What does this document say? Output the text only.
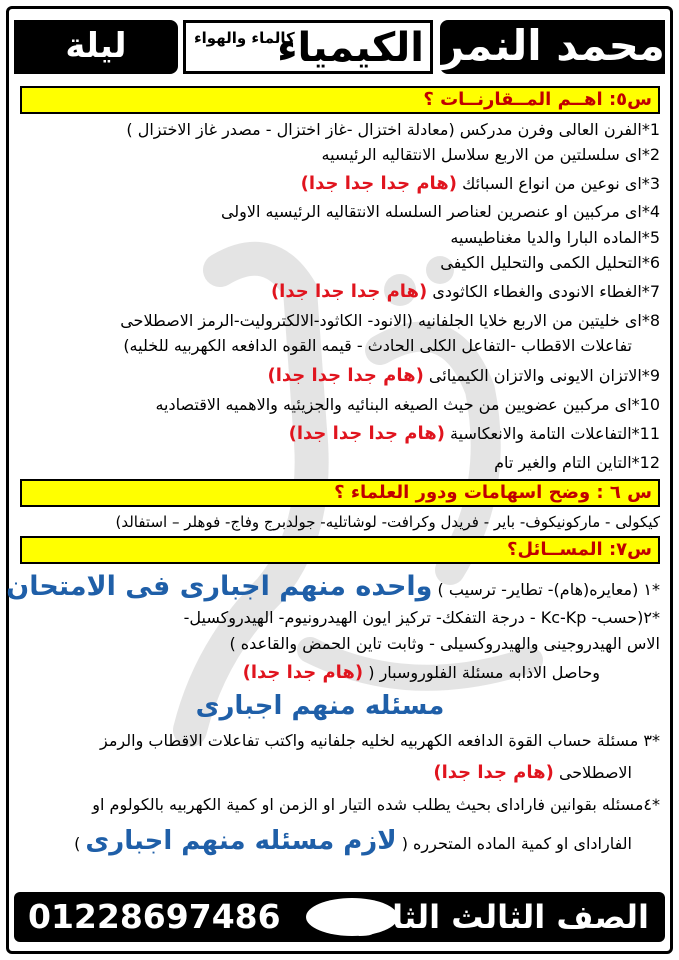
محمد النمر
الكيمياء
كالماء والهواء
ليلة
س٥: اهــم المــقارنــات ؟
1*الفرن العالى وفرن مدركس (معادلة اختزال -غاز اختزال - مصدر غاز الاختزال )
2*اى سلسلتين من الاربع سلاسل الانتقاليه الرئيسيه
3*اى نوعين من انواع السبائك (هام جدا جدا جدا)
4*اى مركبين او عنصرين لعناصر السلسله الانتقاليه الرئيسيه الاولى
5*الماده البارا والديا مغناطيسيه
6*التحليل الكمى والتحليل الكيفى
7*الغطاء الانودى والغطاء الكاثودى (هام جدا جدا جدا)
8*اى خليتين من الاربع خلايا الجلفانيه (الانود- الكاثود-الالكتروليت-الرمز الاصطلاحى
تفاعلات الاقطاب -التفاعل الكلى الحادث - قيمه القوه الدافعه الكهربيه للخليه)
9*الاتزان الايونى والاتزان الكيميائى (هام جدا جدا جدا)
10*اى مركبين عضويين من حيث الصيغه البنائيه والجزيئيه والاهميه الاقتصاديه
11*التفاعلات التامة والانعكاسية (هام جدا جدا جدا)
12*التاين التام والغير تام
س ٦ : وضح اسهامات ودور العلماء ؟
كيكولى - ماركونيكوف- باير - فريدل وكرافت- لوشاتليه- جولدبرج وفاج- فوهلر – استفالد)
س٧: المســائل؟
*١ (معايره(هام)- تطاير- ترسيب ) واحده منهم اجبارى فى الامتحان
*٢(حسب- Kc-Kp - درجة التفكك- تركيز ايون الهيدرونيوم- الهيدروكسيل-
الاس الهيدروجينى والهيدروكسيلى - وثابت تاين الحمض والقاعده )
وحاصل الاذابه مسئلة الفلوروسبار ( (هام جدا جدا)
مسئله منهم اجبارى
*٣ مسئلة حساب القوة الدافعه الكهربيه لخليه جلفانيه واكتب تفاعلات الاقطاب والرمز
الاصطلاحى (هام جدا جدا)
*٤مسئله بقوانين فاراداى بحيث يطلب شده التيار او الزمن او كمية الكهربيه بالكولوم او
الفاراداى او كمية الماده المتحرره ( لازم مسئله منهم اجبارى )
01228697486 الصف الثالث الثانوى
